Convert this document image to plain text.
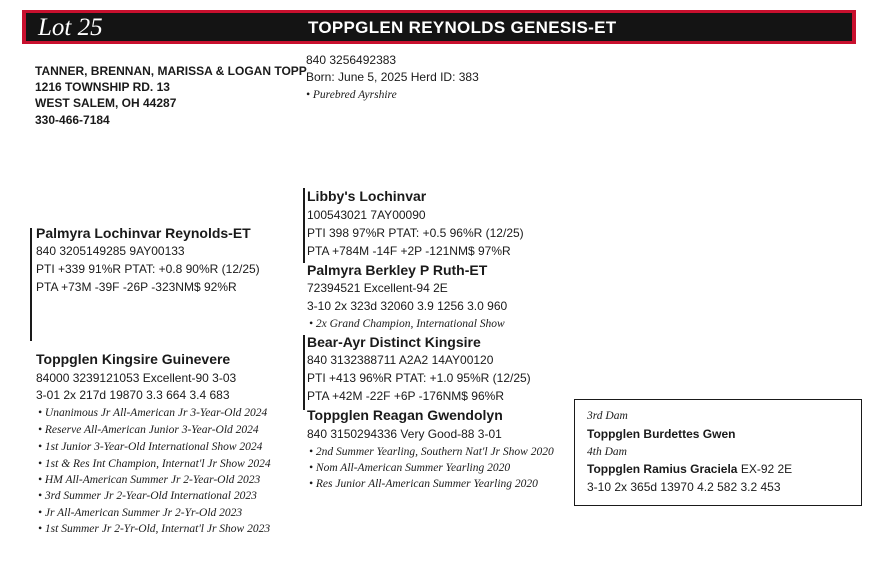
Lot 25	TOPPGLEN REYNOLDS GENESIS-ET
TANNER, BRENNAN, MARISSA & LOGAN TOPP
1216 TOWNSHIP RD. 13
WEST SALEM, OH 44287
330-466-7184
840 3256492383
Born: June 5, 2025 Herd ID: 383
• Purebred Ayrshire
Palmyra Lochinvar Reynolds-ET
840 3205149285 9AY00133
PTI +339 91%R PTAT: +0.8 90%R (12/25)
PTA +73M -39F -26P -323NM$ 92%R
Toppglen Kingsire Guinevere
84000 3239121053 Excellent-90 3-03
3-01 2x 217d 19870 3.3 664 3.4 683
• Unanimous Jr All-American Jr 3-Year-Old 2024
• Reserve All-American Junior 3-Year-Old 2024
• 1st Junior 3-Year-Old International Show 2024
• 1st & Res Int Champion, Internat'l Jr Show 2024
• HM All-American Summer Jr 2-Year-Old 2023
• 3rd Summer Jr 2-Year-Old International 2023
• Jr All-American Summer Jr 2-Yr-Old 2023
• 1st Summer Jr 2-Yr-Old, Internat'l Jr Show 2023
Libby's Lochinvar
100543021 7AY00090
PTI 398 97%R PTAT: +0.5 96%R (12/25)
PTA +784M -14F +2P -121NM$ 97%R
Palmyra Berkley P Ruth-ET
72394521 Excellent-94 2E
3-10 2x 323d 32060 3.9 1256 3.0 960
• 2x Grand Champion, International Show
Bear-Ayr Distinct Kingsire
840 3132388711 A2A2 14AY00120
PTI +413 96%R PTAT: +1.0 95%R (12/25)
PTA +42M -22F +6P -176NM$ 96%R
Toppglen Reagan Gwendolyn
840 3150294336 Very Good-88 3-01
• 2nd Summer Yearling, Southern Nat'l Jr Show 2020
• Nom All-American Summer Yearling 2020
• Res Junior All-American Summer Yearling 2020
3rd Dam
Toppglen Burdettes Gwen
4th Dam
Toppglen Ramius Graciela EX-92 2E
3-10 2x 365d 13970 4.2 582 3.2 453
